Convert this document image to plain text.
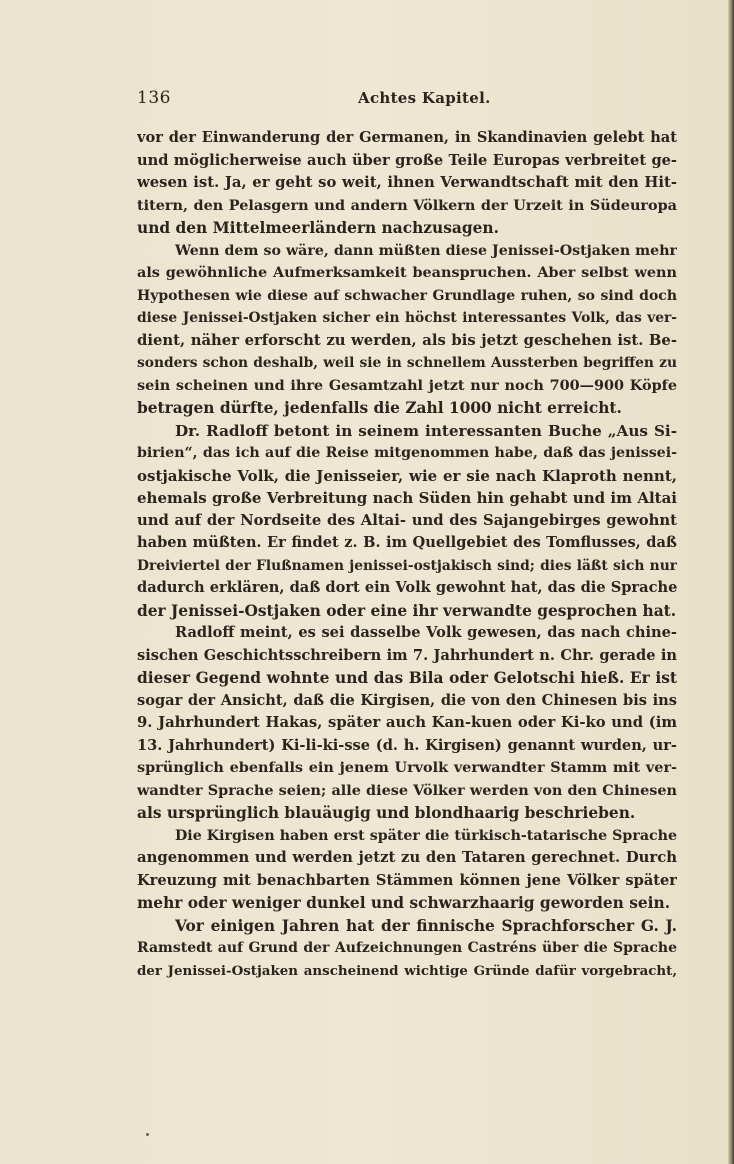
136	Achtes Kapitel.
vor der Einwanderung der Germanen, in Skandinavien gelebt hat
und möglicherweise auch über große Teile Europas verbreitet ge-
wesen ist. Ja, er geht so weit, ihnen Verwandtschaft mit den Hit-
titern, den Pelasgern und andern Völkern der Urzeit in Südeuropa
und den Mittelmeerländern nachzusagen.
Wenn dem so wäre, dann müßten diese Jenissei-Ostjaken mehr
als gewöhnliche Aufmerksamkeit beanspruchen. Aber selbst wenn
Hypothesen wie diese auf schwacher Grundlage ruhen, so sind doch
diese Jenissei-Ostjaken sicher ein höchst interessantes Volk, das ver-
dient, näher erforscht zu werden, als bis jetzt geschehen ist. Be-
sonders schon deshalb, weil sie in schnellem Aussterben begriffen zu
sein scheinen und ihre Gesamtzahl jetzt nur noch 700—900 Köpfe
betragen dürfte, jedenfalls die Zahl 1000 nicht erreicht.
Dr. Radloff betont in seinem interessanten Buche „Aus Si-
birien“, das ich auf die Reise mitgenommen habe, daß das jenissei-
ostjakische Volk, die Jenisseier, wie er sie nach Klaproth nennt,
ehemals große Verbreitung nach Süden hin gehabt und im Altai
und auf der Nordseite des Altai- und des Sajangebirges gewohnt
haben müßten. Er findet z. B. im Quellgebiet des Tomflusses, daß
Dreiviertel der Flußnamen jenissei-ostjakisch sind; dies läßt sich nur
dadurch erklären, daß dort ein Volk gewohnt hat, das die Sprache
der Jenissei-Ostjaken oder eine ihr verwandte gesprochen hat.
Radloff meint, es sei dasselbe Volk gewesen, das nach chine-
sischen Geschichtsschreibern im 7. Jahrhundert n. Chr. gerade in
dieser Gegend wohnte und das Bila oder Gelotschi hieß. Er ist
sogar der Ansicht, daß die Kirgisen, die von den Chinesen bis ins
9. Jahrhundert Hakas, später auch Kan-kuen oder Ki-ko und (im
13. Jahrhundert) Ki-li-ki-sse (d. h. Kirgisen) genannt wurden, ur-
sprünglich ebenfalls ein jenem Urvolk verwandter Stamm mit ver-
wandter Sprache seien; alle diese Völker werden von den Chinesen
als ursprünglich blauäugig und blondhaarig beschrieben.
Die Kirgisen haben erst später die türkisch-tatarische Sprache
angenommen und werden jetzt zu den Tataren gerechnet. Durch
Kreuzung mit benachbarten Stämmen können jene Völker später
mehr oder weniger dunkel und schwarzhaarig geworden sein.
Vor einigen Jahren hat der finnische Sprachforscher G. J.
Ramstedt auf Grund der Aufzeichnungen Castréns über die Sprache
der Jenissei-Ostjaken anscheinend wichtige Gründe dafür vorgebracht,
